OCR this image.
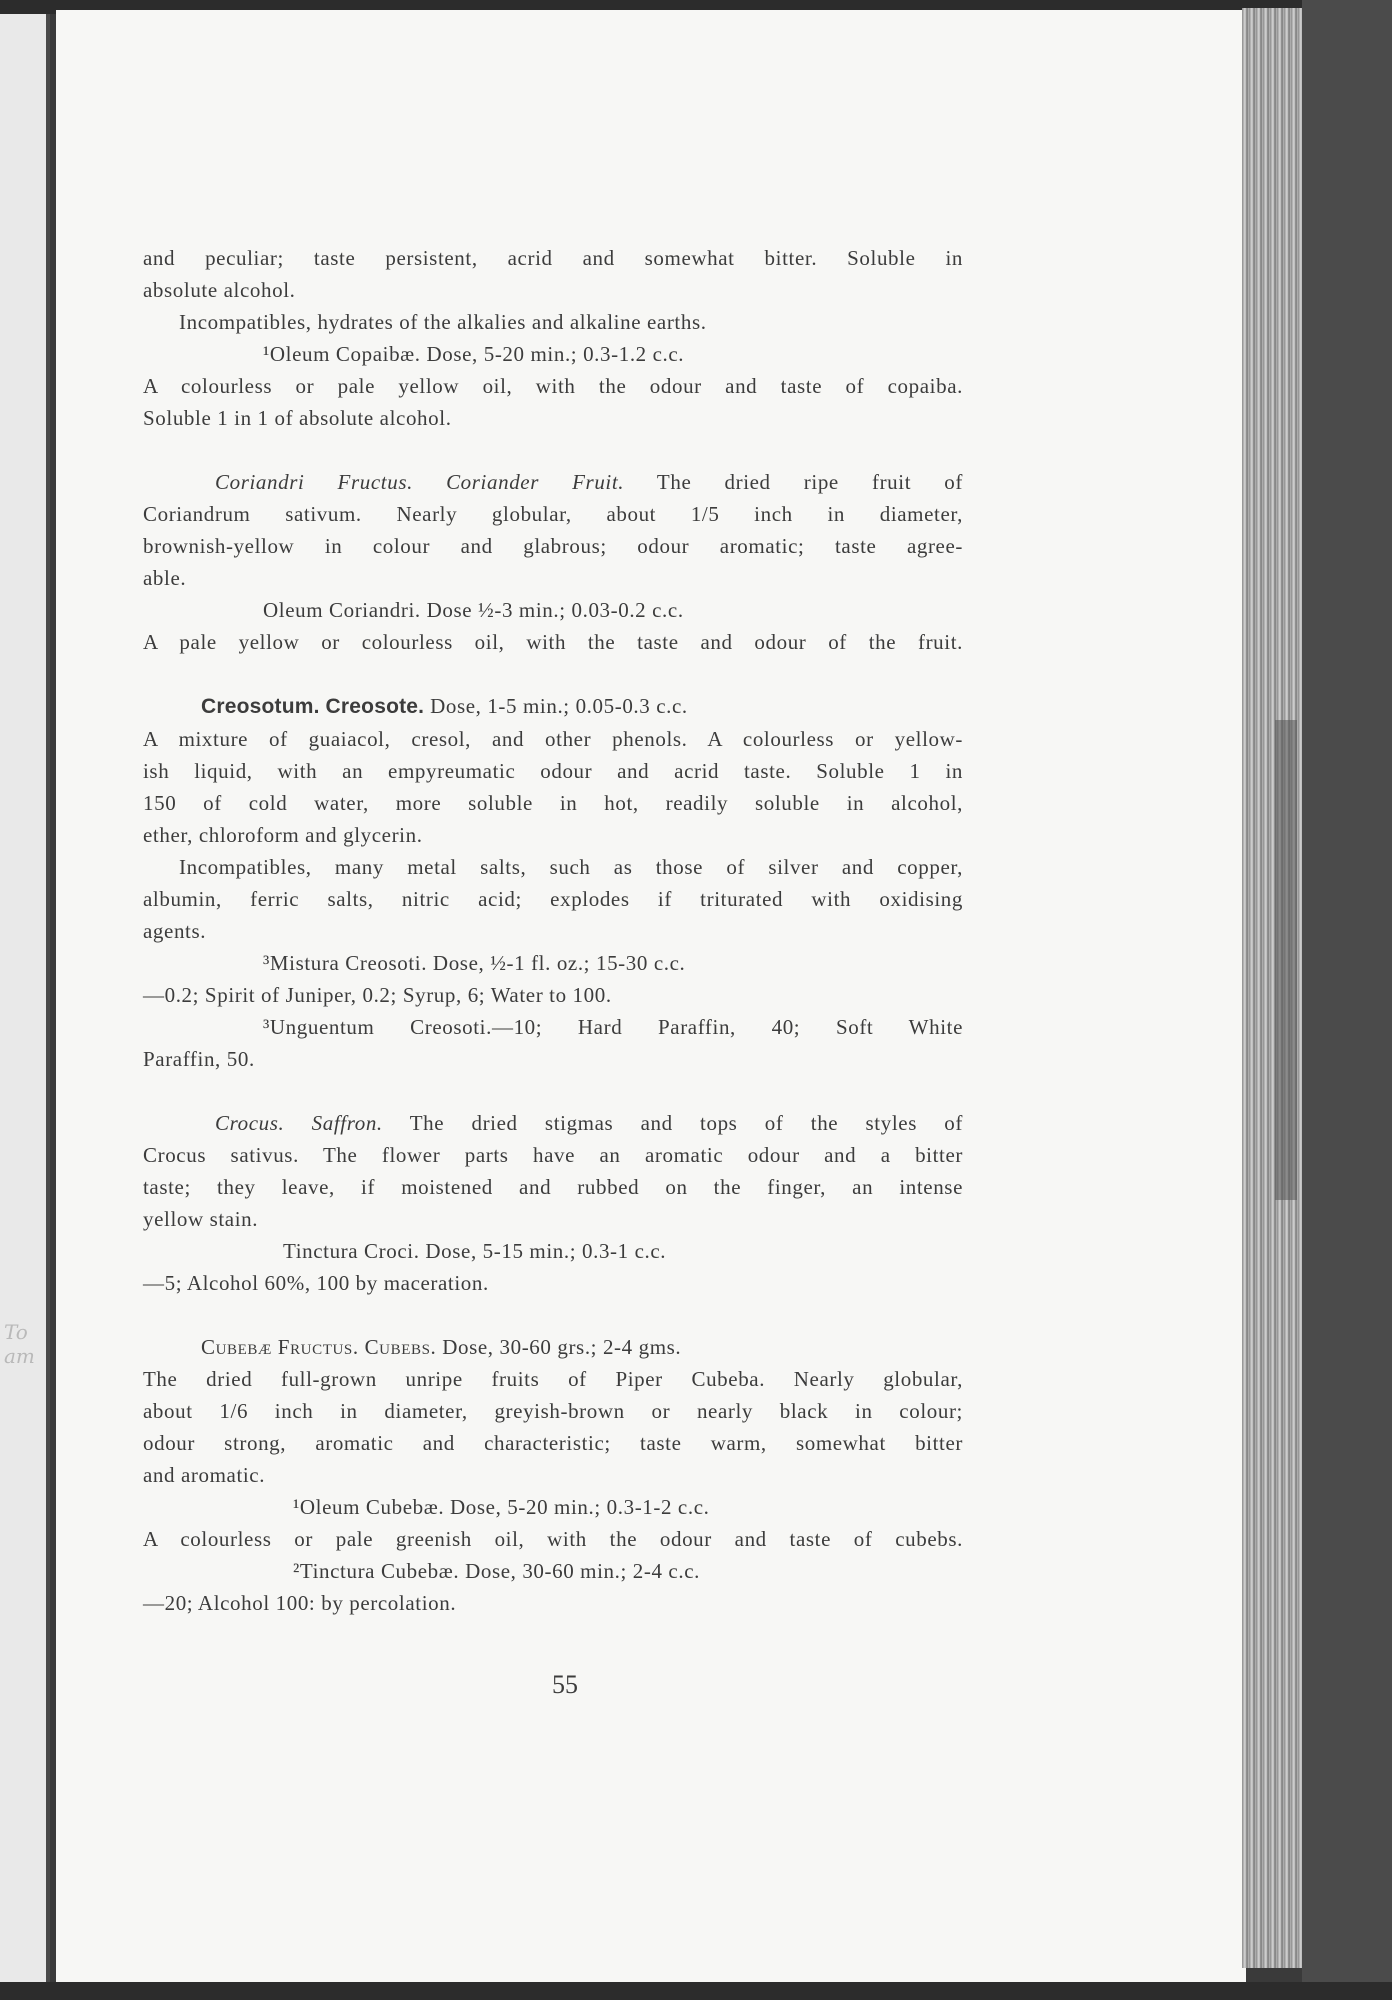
To am

and peculiar; taste persistent, acrid and somewhat bitter. Soluble in

absolute alcohol.

Incompatibles, hydrates of the alkalies and alkaline earths.

¹Oleum Copaibæ. Dose, 5-20 min.; 0.3-1.2 c.c.

A colourless or pale yellow oil, with the odour and taste of copaiba.

Soluble 1 in 1 of absolute alcohol.

Coriandri Fructus. Coriander Fruit. The dried ripe fruit of

Coriandrum sativum. Nearly globular, about 1/5 inch in diameter,

brownish-yellow in colour and glabrous; odour aromatic; taste agree-

able.

Oleum Coriandri. Dose ½-3 min.; 0.03-0.2 c.c.

A pale yellow or colourless oil, with the taste and odour of the fruit.

Creosotum. Creosote. Dose, 1-5 min.; 0.05-0.3 c.c.

A mixture of guaiacol, cresol, and other phenols. A colourless or yellow-

ish liquid, with an empyreumatic odour and acrid taste. Soluble 1 in

150 of cold water, more soluble in hot, readily soluble in alcohol,

ether, chloroform and glycerin.

Incompatibles, many metal salts, such as those of silver and copper,

albumin, ferric salts, nitric acid; explodes if triturated with oxidising

agents.

³Mistura Creosoti. Dose, ½-1 fl. oz.; 15-30 c.c.

—0.2; Spirit of Juniper, 0.2; Syrup, 6; Water to 100.

³Unguentum Creosoti.—10; Hard Paraffin, 40; Soft White

Paraffin, 50.

Crocus. Saffron. The dried stigmas and tops of the styles of

Crocus sativus. The flower parts have an aromatic odour and a bitter

taste; they leave, if moistened and rubbed on the finger, an intense

yellow stain.

Tinctura Croci. Dose, 5-15 min.; 0.3-1 c.c.

—5; Alcohol 60%, 100 by maceration.

Cubebæ Fructus. Cubebs. Dose, 30-60 grs.; 2-4 gms.

The dried full-grown unripe fruits of Piper Cubeba. Nearly globular,

about 1/6 inch in diameter, greyish-brown or nearly black in colour;

odour strong, aromatic and characteristic; taste warm, somewhat bitter

and aromatic.

¹Oleum Cubebæ. Dose, 5-20 min.; 0.3-1-2 c.c.

A colourless or pale greenish oil, with the odour and taste of cubebs.

²Tinctura Cubebæ. Dose, 30-60 min.; 2-4 c.c.

—20; Alcohol 100: by percolation.

55
